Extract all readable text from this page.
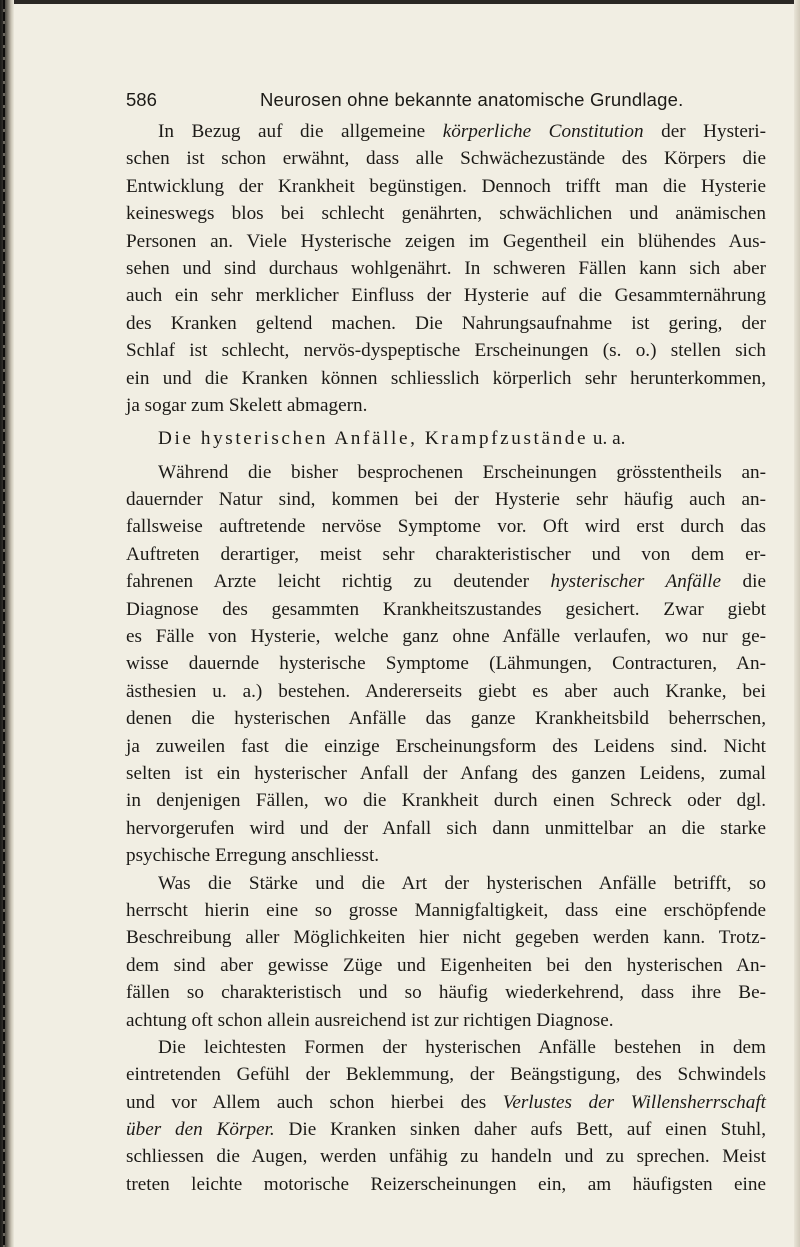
586	Neurosen ohne bekannte anatomische Grundlage.
In Bezug auf die allgemeine körperliche Constitution der Hysteri-
schen ist schon erwähnt, dass alle Schwächezustände des Körpers die
Entwicklung der Krankheit begünstigen. Dennoch trifft man die Hysterie
keineswegs blos bei schlecht genährten, schwächlichen und anämischen
Personen an. Viele Hysterische zeigen im Gegentheil ein blühendes Aus-
sehen und sind durchaus wohlgenährt. In schweren Fällen kann sich aber
auch ein sehr merklicher Einfluss der Hysterie auf die Gesammternährung
des Kranken geltend machen. Die Nahrungsaufnahme ist gering, der
Schlaf ist schlecht, nervös-dyspeptische Erscheinungen (s. o.) stellen sich
ein und die Kranken können schliesslich körperlich sehr herunterkommen,
ja sogar zum Skelett abmagern.
Die hysterischen Anfälle, Krampfzustände u. a.
Während die bisher besprochenen Erscheinungen grösstentheils an-
dauernder Natur sind, kommen bei der Hysterie sehr häufig auch an-
fallsweise auftretende nervöse Symptome vor. Oft wird erst durch das
Auftreten derartiger, meist sehr charakteristischer und von dem er-
fahrenen Arzte leicht richtig zu deutender hysterischer Anfälle die
Diagnose des gesammten Krankheitszustandes gesichert. Zwar giebt
es Fälle von Hysterie, welche ganz ohne Anfälle verlaufen, wo nur ge-
wisse dauernde hysterische Symptome (Lähmungen, Contracturen, An-
ästhesien u. a.) bestehen. Andererseits giebt es aber auch Kranke, bei
denen die hysterischen Anfälle das ganze Krankheitsbild beherrschen,
ja zuweilen fast die einzige Erscheinungsform des Leidens sind. Nicht
selten ist ein hysterischer Anfall der Anfang des ganzen Leidens, zumal
in denjenigen Fällen, wo die Krankheit durch einen Schreck oder dgl.
hervorgerufen wird und der Anfall sich dann unmittelbar an die starke
psychische Erregung anschliesst.
Was die Stärke und die Art der hysterischen Anfälle betrifft, so
herrscht hierin eine so grosse Mannigfaltigkeit, dass eine erschöpfende
Beschreibung aller Möglichkeiten hier nicht gegeben werden kann. Trotz-
dem sind aber gewisse Züge und Eigenheiten bei den hysterischen An-
fällen so charakteristisch und so häufig wiederkehrend, dass ihre Be-
achtung oft schon allein ausreichend ist zur richtigen Diagnose.
Die leichtesten Formen der hysterischen Anfälle bestehen in dem
eintretenden Gefühl der Beklemmung, der Beängstigung, des Schwindels
und vor Allem auch schon hierbei des Verlustes der Willensherrschaft
über den Körper. Die Kranken sinken daher aufs Bett, auf einen Stuhl,
schliessen die Augen, werden unfähig zu handeln und zu sprechen. Meist
treten leichte motorische Reizerscheinungen ein, am häufigsten eine
